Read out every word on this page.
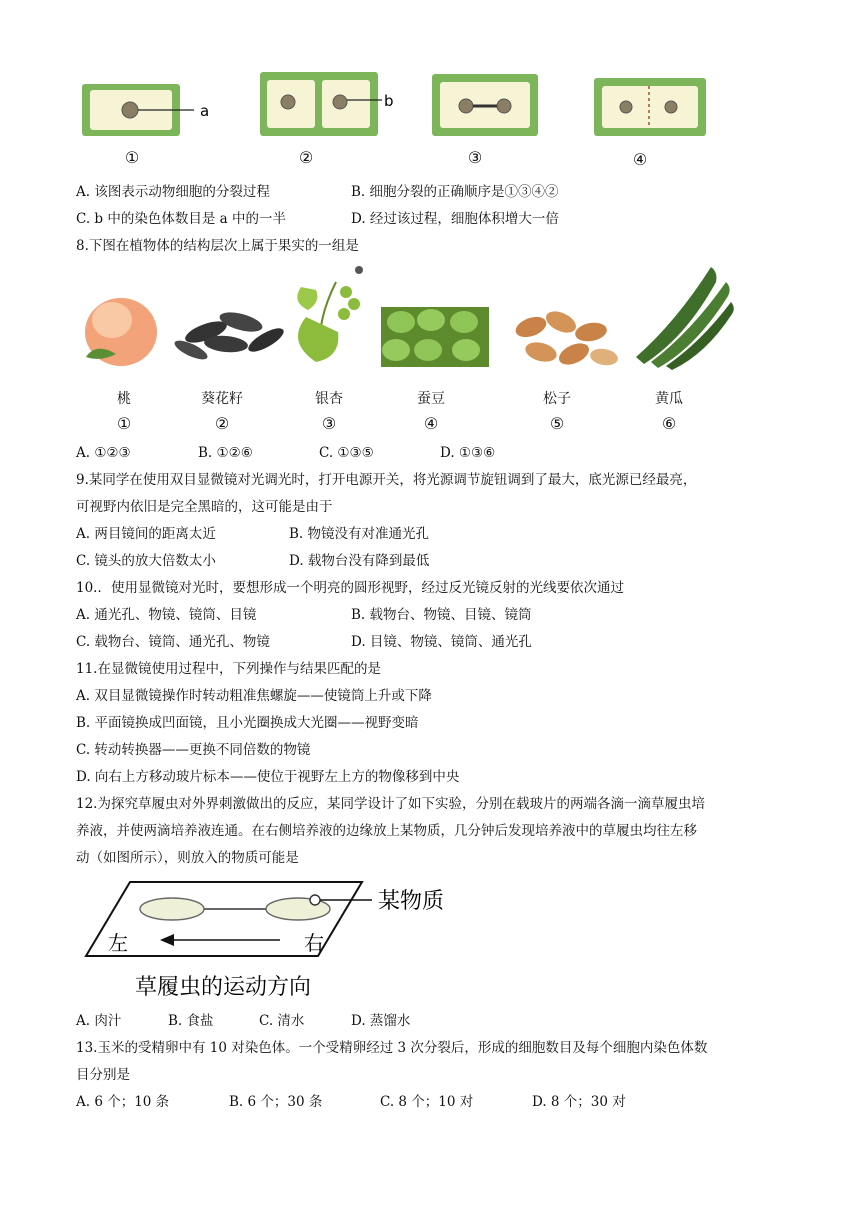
a
b
①	②	③	④
A. 该图表示动物细胞的分裂过程	B. 细胞分裂的正确顺序是①③④②
C. b 中的染色体数目是 a 中的一半	D. 经过该过程，细胞体积增大一倍
8.下图在植物体的结构层次上属于果实的一组是
桃	葵花籽	银杏	蚕豆	松子	黄瓜
①	②	③	④	⑤	⑥
A. ①②③	B. ①②⑥	C. ①③⑤	D. ①③⑥
9.某同学在使用双目显微镜对光调光时，打开电源开关，将光源调节旋钮调到了最大，底光源已经最亮，
可视野内依旧是完全黑暗的，这可能是由于
A. 两目镜间的距离太近	B. 物镜没有对准通光孔
C. 镜头的放大倍数太小	D. 载物台没有降到最低
10.．使用显微镜对光时，要想形成一个明亮的圆形视野，经过反光镜反射的光线要依次通过
A. 通光孔、物镜、镜筒、目镜	B. 载物台、物镜、目镜、镜筒
C. 载物台、镜筒、通光孔、物镜	D. 目镜、物镜、镜筒、通光孔
11.在显微镜使用过程中，下列操作与结果匹配的是
A. 双目显微镜操作时转动粗准焦螺旋——使镜筒上升或下降
B. 平面镜换成凹面镜，且小光圈换成大光圈——视野变暗
C. 转动转换器——更换不同倍数的物镜
D. 向右上方移动玻片标本——使位于视野左上方的物像移到中央
12.为探究草履虫对外界刺激做出的反应，某同学设计了如下实验，分别在载玻片的两端各滴一滴草履虫培
养液，并使两滴培养液连通。在右侧培养液的边缘放上某物质，几分钟后发现培养液中的草履虫均往左移
动（如图所示），则放入的物质可能是
某物质
左	右
草履虫的运动方向
A. 肉汁	B. 食盐	C. 清水	D. 蒸馏水
13.玉米的受精卵中有 10 对染色体。一个受精卵经过 3 次分裂后，形成的细胞数目及每个细胞内染色体数
目分别是
A. 6 个；10 条	B. 6 个；30 条	C. 8 个；10 对	D. 8 个；30 对
